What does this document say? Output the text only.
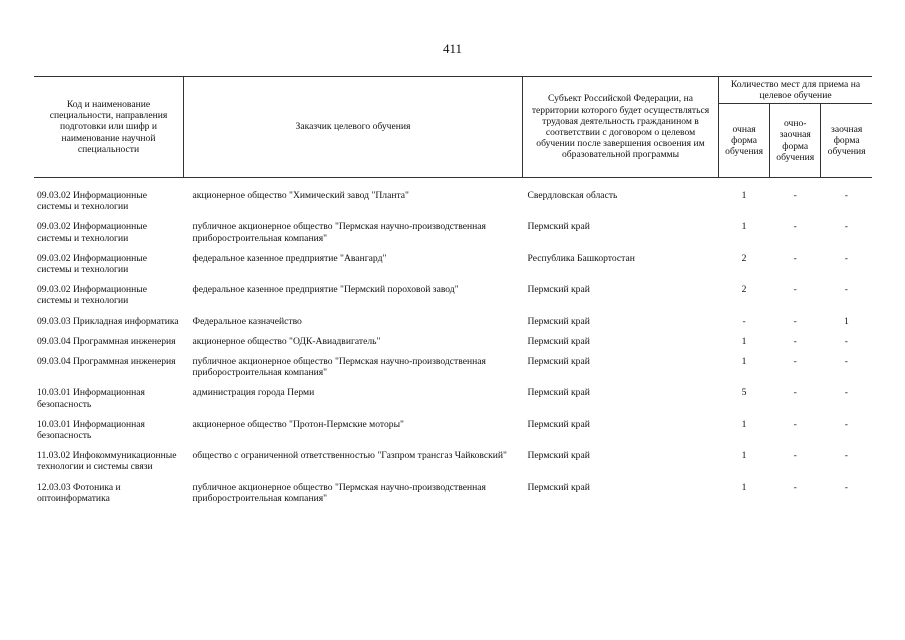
411
Код и наименование специальности, направления подготовки или шифр и наименование научной специальности	Заказчик целевого обучения	Субъект Российской Федерации, на территории которого будет осуществляться трудовая деятельность гражданином в соответствии с договором о целевом обучении после завершения освоения им образовательной программы	Количество мест для приема на целевое обучение		
			очная форма обучения	очно-заочная форма обучения	заочная форма обучения

09.03.02 Информационные системы и технологии	акционерное общество "Химический завод "Планта"	Свердловская область	1	-	-
09.03.02 Информационные системы и технологии	публичное акционерное общество "Пермская научно-производственная приборостроительная компания"	Пермский край	1	-	-
09.03.02 Информационные системы и технологии	федеральное казенное предприятие "Авангард"	Республика Башкортостан	2	-	-
09.03.02 Информационные системы и технологии	федеральное казенное предприятие "Пермский пороховой завод"	Пермский край	2	-	-
09.03.03 Прикладная информатика	Федеральное казначейство	Пермский край	-	-	1
09.03.04 Программная инженерия	акционерное общество "ОДК-Авиадвигатель"	Пермский край	1	-	-
09.03.04 Программная инженерия	публичное акционерное общество "Пермская научно-производственная приборостроительная компания"	Пермский край	1	-	-
10.03.01 Информационная безопасность	администрация города Перми	Пермский край	5	-	-
10.03.01 Информационная безопасность	акционерное общество "Протон-Пермские моторы"	Пермский край	1	-	-
11.03.02 Инфокоммуникационные технологии и системы связи	общество с ограниченной ответственностью "Газпром трансгаз Чайковский"	Пермский край	1	-	-
12.03.03 Фотоника и оптоинформатика	публичное акционерное общество "Пермская научно-производственная приборостроительная компания"	Пермский край	1	-	-
